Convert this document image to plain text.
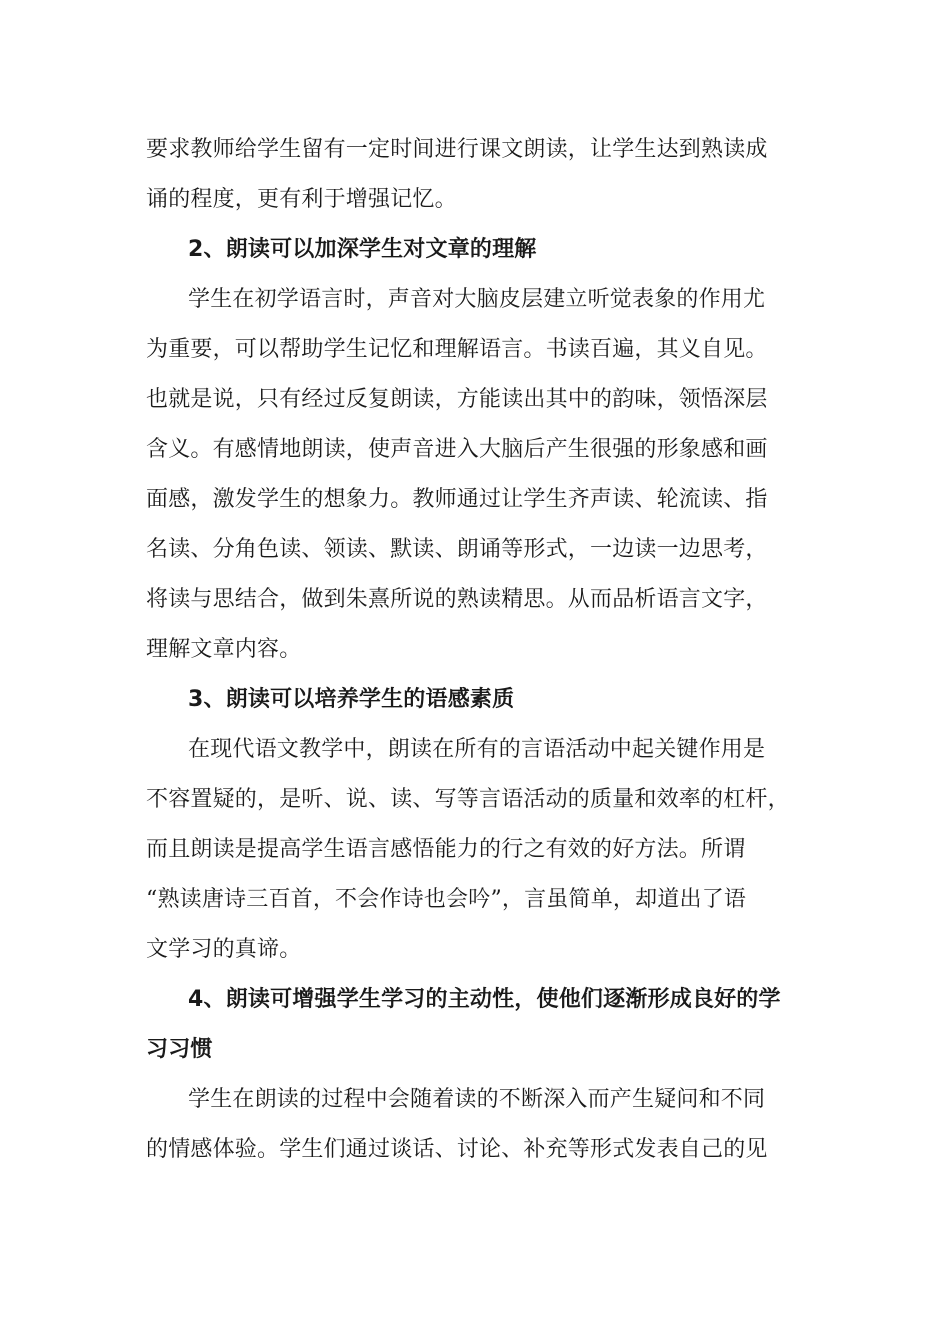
要求教师给学生留有一定时间进行课文朗读，让学生达到熟读成
诵的程度，更有利于增强记忆。
2、朗读可以加深学生对文章的理解
学生在初学语言时，声音对大脑皮层建立听觉表象的作用尤
为重要，可以帮助学生记忆和理解语言。书读百遍，其义自见。
也就是说，只有经过反复朗读，方能读出其中的韵味，领悟深层
含义。有感情地朗读，使声音进入大脑后产生很强的形象感和画
面感，激发学生的想象力。教师通过让学生齐声读、轮流读、指
名读、分角色读、领读、默读、朗诵等形式，一边读一边思考，
将读与思结合，做到朱熹所说的熟读精思。从而品析语言文字，
理解文章内容。
3、朗读可以培养学生的语感素质
在现代语文教学中，朗读在所有的言语活动中起关键作用是
不容置疑的，是听、说、读、写等言语活动的质量和效率的杠杆，
而且朗读是提高学生语言感悟能力的行之有效的好方法。所谓
“熟读唐诗三百首，不会作诗也会吟”，言虽简单，却道出了语
文学习的真谛。
4、朗读可增强学生学习的主动性，使他们逐渐形成良好的学
习习惯
学生在朗读的过程中会随着读的不断深入而产生疑问和不同
的情感体验。学生们通过谈话、讨论、补充等形式发表自己的见
